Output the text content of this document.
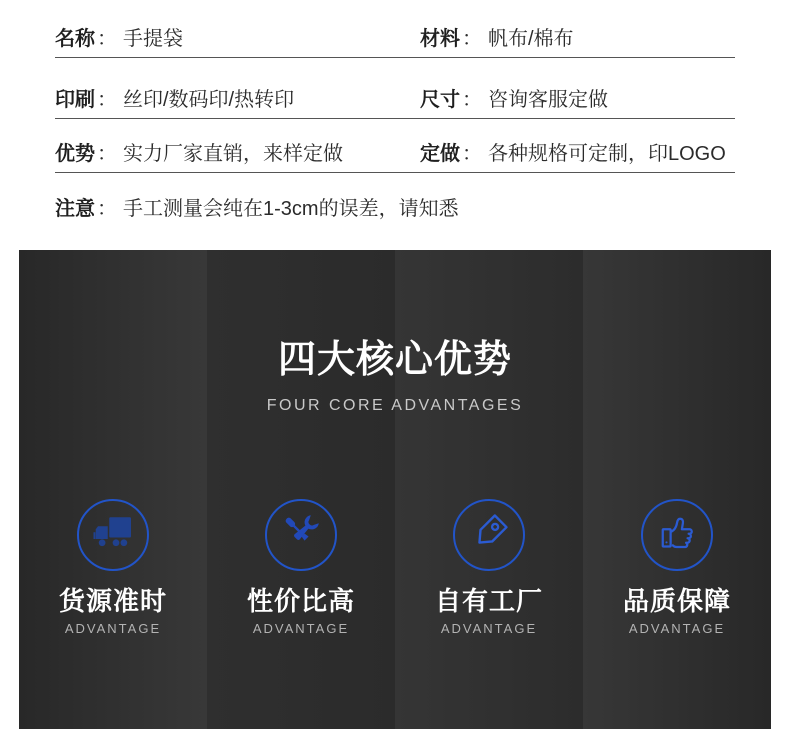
名称 ： 手提袋	材料 ： 帆布/棉布
印刷 ： 丝印/数码印/热转印	尺寸 ： 咨询客服定做
优势 ： 实力厂家直销，来样定做	定做 ： 各种规格可定制，印LOGO
注意 ： 手工测量会纯在1-3cm的误差，请知悉
四大核心优势
FOUR CORE ADVANTAGES
货源准时
ADVANTAGE
性价比高
ADVANTAGE
自有工厂
ADVANTAGE
品质保障
ADVANTAGE
